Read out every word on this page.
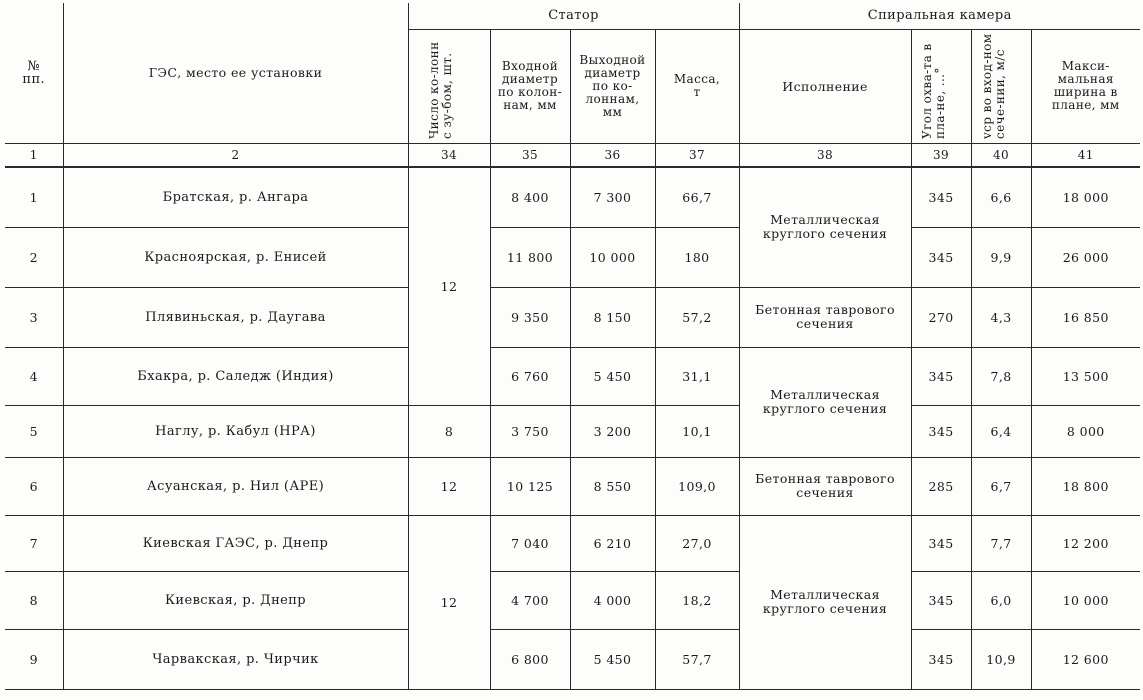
№ пп.	ГЭС, место ее установки	Статор				Спиральная камера			
		Число ко-лонн с зу-бом, шт.	Входной диаметр по колон-нам, мм	Выходной диаметр по ко-лоннам, мм	Масса, т	Исполнение	Угол охва-та в пла-не, ...°	vср во вход-ном сече-нии, м/с	Макси-мальная ширина в плане, мм
1	2	34	35	36	37	38	39	40	41
1	Братская, р. Ангара	12	8 400	7 300	66,7	Металлическая круглого сечения	345	6,6	18 000
2	Красноярская, р. Енисей		11 800	10 000	180		345	9,9	26 000
3	Плявиньская, р. Даугава		9 350	8 150	57,2	Бетонная таврового сечения	270	4,3	16 850
4	Бхакра, р. Саледж (Индия)		6 760	5 450	31,1	Металлическая круглого сечения	345	7,8	13 500
5	Наглу, р. Кабул (НРА)	8	3 750	3 200	10,1		345	6,4	8 000
6	Асуанская, р. Нил (АРЕ)	12	10 125	8 550	109,0	Бетонная таврового сечения	285	6,7	18 800
7	Киевская ГАЭС, р. Днепр	12	7 040	6 210	27,0	Металлическая круглого сечения	345	7,7	12 200
8	Киевская, р. Днепр		4 700	4 000	18,2		345	6,0	10 000
9	Чарвакская, р. Чирчик		6 800	5 450	57,7		345	10,9	12 600
